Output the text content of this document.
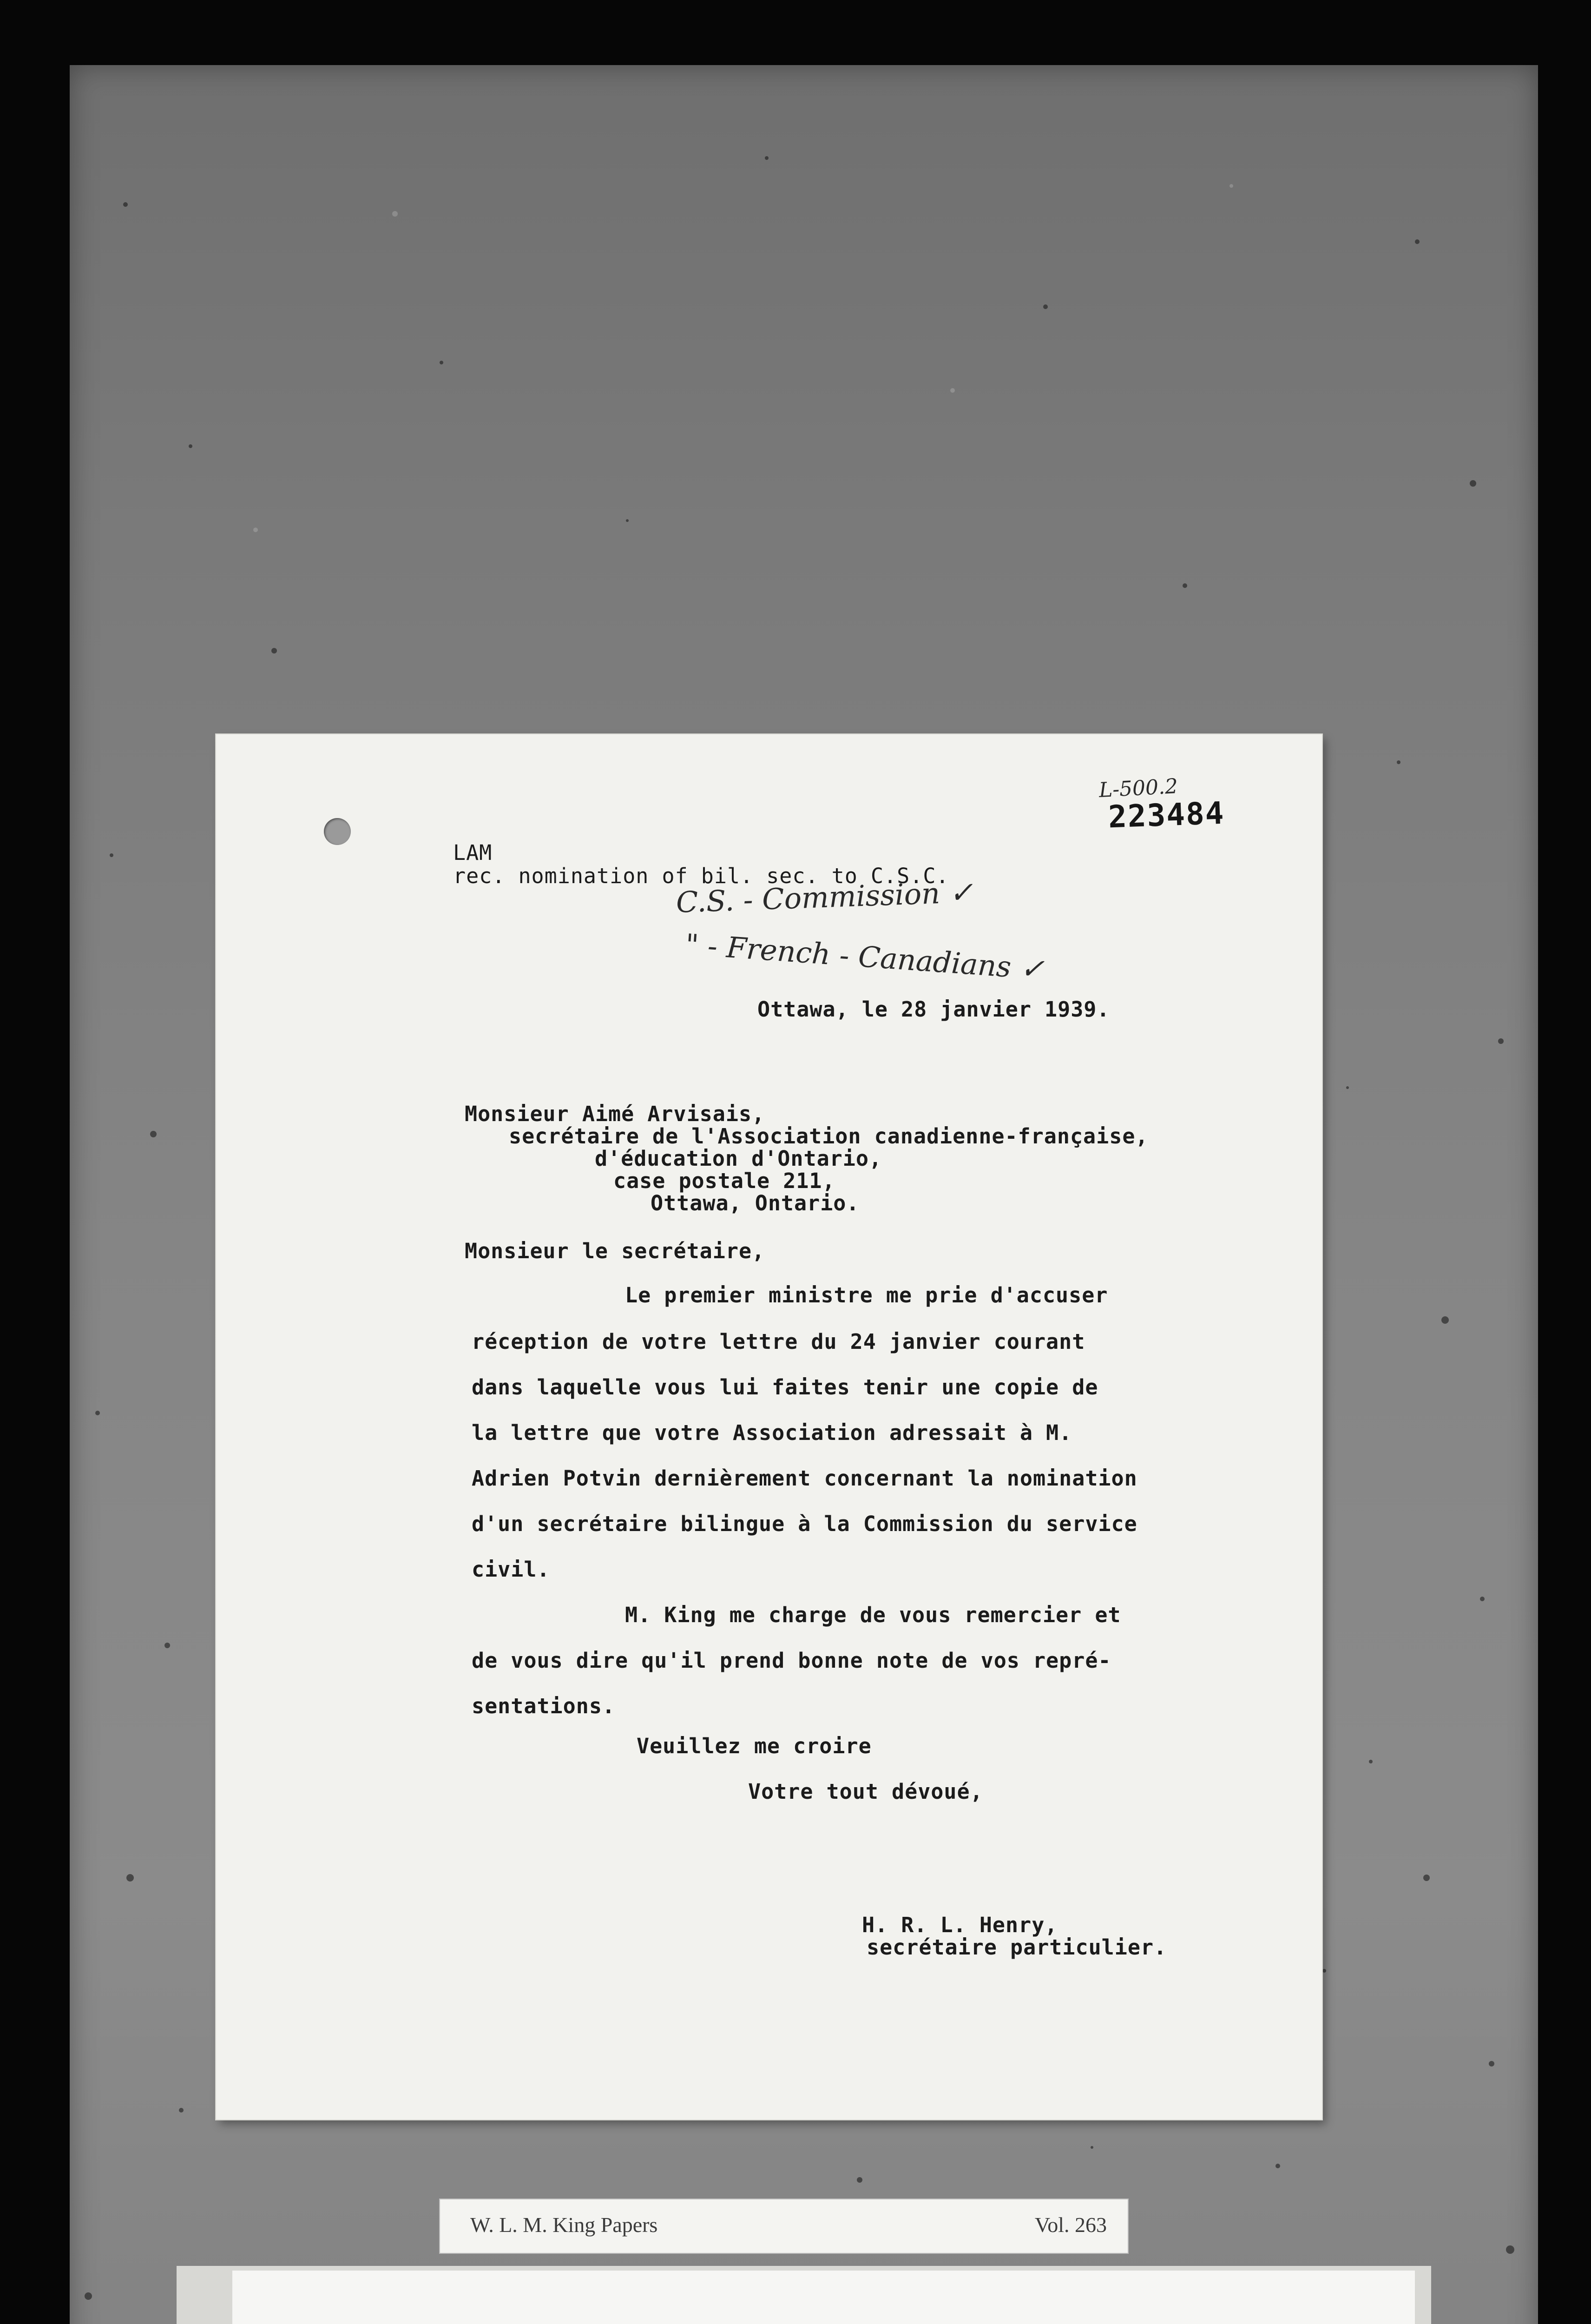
LAM
rec. nomination of bil. sec. to C.S.C.
C.S. - Commission ✓
" - French - Canadians ✓
L-500.2
223484
Ottawa, le 28 janvier 1939.
Monsieur Aimé Arvisais,
secrétaire de l'Association canadienne-française,
d'éducation d'Ontario,
case postale 211,
Ottawa, Ontario.
Monsieur le secrétaire,
Le premier ministre me prie d'accuser
réception de votre lettre du 24 janvier courant
dans laquelle vous lui faites tenir une copie de
la lettre que votre Association adressait à M.
Adrien Potvin dernièrement concernant la nomination
d'un secrétaire bilingue à la Commission du service
civil.
M. King me charge de vous remercier et
de vous dire qu'il prend bonne note de vos repré-
sentations.
Veuillez me croire
Votre tout dévoué,
H. R. L. Henry,
secrétaire particulier.
W. L. M. King Papers	Vol. 263
